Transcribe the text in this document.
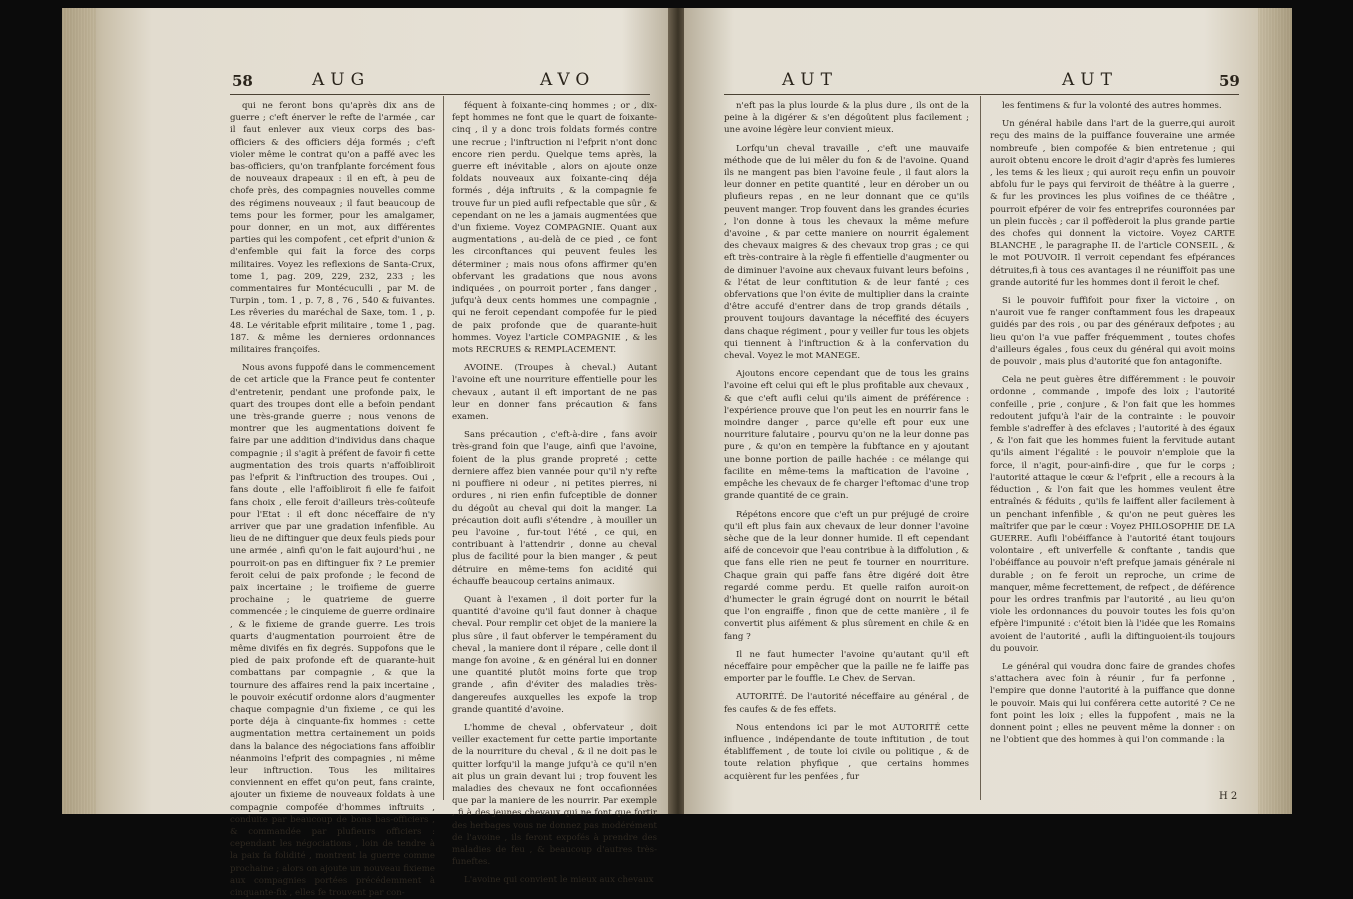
58	AUG	AVO

qui ne feront bons qu'après dix ans de guerre ; c'eft énerver le refte de l'armée , car il faut enlever aux vieux corps des bas-officiers & des officiers déja formés ; c'eft violer même le contrat qu'on a paffé avec les bas-officiers, qu'on tranfplante forcément fous de nouveaux drapeaux : il en eft, à peu de chofe près, des compagnies nouvelles comme des régimens nouveaux ; il faut beaucoup de tems pour les former, pour les amalgamer, pour donner, en un mot, aux différentes parties qui les compofent , cet efprit d'union & d'enfemble qui fait la force des corps militaires. Voyez les reflexions de Santa-Crux, tome 1, pag. 209, 229, 232, 233 ; les commentaires fur Montécuculli , par M. de Turpin , tom. 1 , p. 7, 8 , 76 , 540 & fuivantes. Les rêveries du maréchal de Saxe, tom. 1 , p. 48. Le véritable efprit militaire , tome 1 , pag. 187. & même les dernieres ordonnances militaires françoifes.

Nous avons fuppofé dans le commencement de cet article que la France peut fe contenter d'entretenir, pendant une profonde paix, le quart des troupes dont elle a befoin pendant une très-grande guerre ; nous venons de montrer que les augmentations doivent fe faire par une addition d'individus dans chaque compagnie ; il s'agit à préfent de favoir fi cette augmentation des trois quarts n'affoibliroit pas l'efprit & l'inftruction des troupes. Oui , fans doute , elle l'affoibliroit fi elle fe faifoit fans choix , elle feroit d'ailleurs très-coûteufe pour l'Etat : il eft donc néceffaire de n'y arriver que par une gradation infenfible. Au lieu de ne diftinguer que deux feuls pieds pour une armée , ainfi qu'on le fait aujourd'hui , ne pourroit-on pas en diftinguer fix ? Le premier feroit celui de paix profonde ; le fecond de paix incertaine ; le troifieme de guerre prochaine ; le quatrieme de guerre commencée ; le cinquieme de guerre ordinaire , & le fixieme de grande guerre. Les trois quarts d'augmentation pourroient être de même divifés en fix degrés. Suppofons que le pied de paix profonde eft de quarante-huit combattans par compagnie , & que la tournure des affaires rend la paix incertaine , le pouvoir exécutif ordonne alors d'augmenter chaque compagnie d'un fixieme , ce qui les porte déja à cinquante-fix hommes : cette augmentation mettra certainement un poids dans la balance des négociations fans affoiblir néanmoins l'efprit des compagnies , ni même leur inftruction. Tous les militaires conviennent en effet qu'on peut, fans crainte, ajouter un fixieme de nouveaux foldats à une compagnie compofée d'hommes inftruits , conduite par beaucoup de bons bas-officiers , & commandée par plufieurs officiers : cependant les négociations , loin de tendre à la paix fa folidité , montrent la guerre comme prochaine ; alors on ajoute un nouveau fixieme aux compagnies portées précédemment à cinquante-fix , elles fe trouvent par con-

féquent à foixante-cinq hommes ; or , dix-fept hommes ne font que le quart de foixante-cinq , il y a donc trois foldats formés contre une recrue ; l'inftruction ni l'efprit n'ont donc encore rien perdu. Quelque tems après, la guerre eft inévitable , alors on ajoute onze foldats nouveaux aux foixante-cinq déja formés , déja inftruits , & la compagnie fe trouve fur un pied aufli refpectable que sûr , & cependant on ne les a jamais augmentées que d'un fixieme. Voyez COMPAGNIE. Quant aux augmentations , au-delà de ce pied , ce font les circonftances qui peuvent feules les déterminer ; mais nous ofons affirmer qu'en obfervant les gradations que nous avons indiquées , on pourroit porter , fans danger , jufqu'à deux cents hommes une compagnie , qui ne feroit cependant compofée fur le pied de paix profonde que de quarante-huit hommes. Voyez l'article COMPAGNIE , & les mots RECRUES & REMPLACEMENT.

AVOINE. (Troupes à cheval.) Autant l'avoine eft une nourriture effentielle pour les chevaux , autant il eft important de ne pas leur en donner fans précaution & fans examen.

Sans précaution , c'eft-à-dire , fans avoir très-grand foin que l'auge, ainfi que l'avoine, foient de la plus grande propreté ; cette derniere affez bien vannée pour qu'il n'y refte ni pouffiere ni odeur , ni petites pierres, ni ordures , ni rien enfin fufceptible de donner du dégoût au cheval qui doit la manger. La précaution doit aufli s'étendre , à mouiller un peu l'avoine , fur-tout l'été , ce qui, en contribuant à l'attendrir , donne au cheval plus de facilité pour la bien manger , & peut détruire en même-tems fon acidité qui échauffe beaucoup certains animaux.

Quant à l'examen , il doit porter fur la quantité d'avoine qu'il faut donner à chaque cheval. Pour remplir cet objet de la maniere la plus sûre , il faut obferver le tempérament du cheval , la maniere dont il répare , celle dont il mange fon avoine , & en général lui en donner une quantité plutôt moins forte que trop grande , afin d'éviter des maladies très-dangereufes auxquelles les expofe la trop grande quantité d'avoine.

L'homme de cheval , obfervateur , doit veiller exactement fur cette partie importante de la nourriture du cheval , & il ne doit pas le quitter lorfqu'il la mange jufqu'à ce qu'il n'en ait plus un grain devant lui ; trop fouvent les maladies des chevaux ne font occafionnées que par la maniere de les nourrir. Par exemple , fi à des jeunes chevaux qui ne font que fortir des herbages vous ne donnez pas modérément de l'avoine , ils feront expofés à prendre des maladies de feu , & beaucoup d'autres très-funeftes.

L'avoine qui convient le mieux aux chevaux

AUT	AUT	59

n'eft pas la plus lourde & la plus dure , ils ont de la peine à la digérer & s'en dégoûtent plus facilement ; une avoine légère leur convient mieux.

Lorfqu'un cheval travaille , c'eft une mauvaife méthode que de lui mêler du fon & de l'avoine. Quand ils ne mangent pas bien l'avoine feule , il faut alors la leur donner en petite quantité , leur en dérober un ou plufieurs repas , en ne leur donnant que ce qu'ils peuvent manger. Trop fouvent dans les grandes écuries , l'on donne à tous les chevaux la même mefure d'avoine , & par cette maniere on nourrit également des chevaux maigres & des chevaux trop gras ; ce qui eft très-contraire à la règle fi effentielle d'augmenter ou de diminuer l'avoine aux chevaux fuivant leurs befoins , & l'état de leur conftitution & de leur fanté ; ces obfervations que l'on évite de multiplier dans la crainte d'être accufé d'entrer dans de trop grands détails , prouvent toujours davantage la néceffité des écuyers dans chaque régiment , pour y veiller fur tous les objets qui tiennent à l'inftruction & à la confervation du cheval. Voyez le mot MANEGE.

Ajoutons encore cependant que de tous les grains l'avoine eft celui qui eft le plus profitable aux chevaux , & que c'eft aufli celui qu'ils aiment de préférence : l'expérience prouve que l'on peut les en nourrir fans le moindre danger , parce qu'elle eft pour eux une nourriture falutaire , pourvu qu'on ne la leur donne pas pure , & qu'on en tempère la fubftance en y ajoutant une bonne portion de paille hachée : ce mélange qui facilite en même-tems la maftication de l'avoine , empêche les chevaux de fe charger l'eftomac d'une trop grande quantité de ce grain.

Répétons encore que c'eft un pur préjugé de croire qu'il eft plus fain aux chevaux de leur donner l'avoine sèche que de la leur donner humide. Il eft cependant aifé de concevoir que l'eau contribue à la diffolution , & que fans elle rien ne peut fe tourner en nourriture. Chaque grain qui paffe fans être digéré doit être regardé comme perdu. Et quelle raifon auroit-on d'humecter le grain égrugé dont on nourrit le bétail que l'on engraiffe , finon que de cette manière , il fe convertit plus aifément & plus sûrement en chile & en fang ?

Il ne faut humecter l'avoine qu'autant qu'il eft néceffaire pour empêcher que la paille ne fe laiffe pas emporter par le fouffle. Le Chev. de Servan.

AUTORITÉ. De l'autorité néceffaire au général , de fes caufes & de fes effets.

Nous entendons ici par le mot AUTORITÉ cette influence , indépendante de toute inftitution , de tout établiffement , de toute loi civile ou politique , & de toute relation phyfique , que certains hommes acquièrent fur les penfées , fur

les fentimens & fur la volonté des autres hommes.

Un général habile dans l'art de la guerre,qui auroit reçu des mains de la puiffance fouveraine une armée nombreufe , bien compofée & bien entretenue ; qui auroit obtenu encore le droit d'agir d'après fes lumieres , les tems & les lieux ; qui auroit reçu enfin un pouvoir abfolu fur le pays qui ferviroit de théâtre à la guerre , & fur les provinces les plus voifines de ce théâtre , pourroit efpérer de voir fes entreprifes couronnées par un plein fuccès ; car il poffèderoit la plus grande partie des chofes qui donnent la victoire. Voyez CARTE BLANCHE , le paragraphe II. de l'article CONSEIL , & le mot POUVOIR. Il verroit cependant fes efpérances détruites,fi à tous ces avantages il ne réuniffoit pas une grande autorité fur les hommes dont il feroit le chef.

Si le pouvoir fuffifoit pour fixer la victoire , on n'auroit vue fe ranger conftamment fous les drapeaux guidés par des rois , ou par des généraux defpotes ; au lieu qu'on l'a vue paffer fréquemment , toutes chofes d'ailleurs égales , fous ceux du général qui avoit moins de pouvoir , mais plus d'autorité que fon antagonifte.

Cela ne peut guères être différemment : le pouvoir ordonne , commande , impofe des loix ; l'autorité confeille , prie , conjure , & l'on fait que les hommes redoutent jufqu'à l'air de la contrainte : le pouvoir femble s'adreffer à des efclaves ; l'autorité à des égaux , & l'on fait que les hommes fuient la fervitude autant qu'ils aiment l'égalité : le pouvoir n'emploie que la force, il n'agit, pour-ainfi-dire , que fur le corps ; l'autorité attaque le cœur & l'efprit , elle a recours à la féduction , & l'on fait que les hommes veulent être entraînés & féduits , qu'ils fe laiffent aller facilement à un penchant infenfible , & qu'on ne peut guères les maîtrifer que par le cœur : Voyez PHILOSOPHIE DE LA GUERRE. Aufli l'obéiffance à l'autorité étant toujours volontaire , eft univerfelle & conftante , tandis que l'obéiffance au pouvoir n'eft prefque jamais générale ni durable ; on fe feroit un reproche, un crime de manquer, même fecrettement, de refpect , de déférence pour les ordres tranfmis par l'autorité , au lieu qu'on viole les ordonnances du pouvoir toutes les fois qu'on efpère l'impunité : c'étoit bien là l'idée que les Romains avoient de l'autorité , aufli la diftinguoient-ils toujours du pouvoir.

Le général qui voudra donc faire de grandes chofes s'attachera avec foin à réunir , fur fa perfonne , l'empire que donne l'autorité à la puiffance que donne le pouvoir. Mais qui lui conférera cette autorité ? Ce ne font point les loix ; elles la fuppofent , mais ne la donnent point ; elles ne peuvent même la donner : on ne l'obtient que des hommes à qui l'on commande : la

H 2
